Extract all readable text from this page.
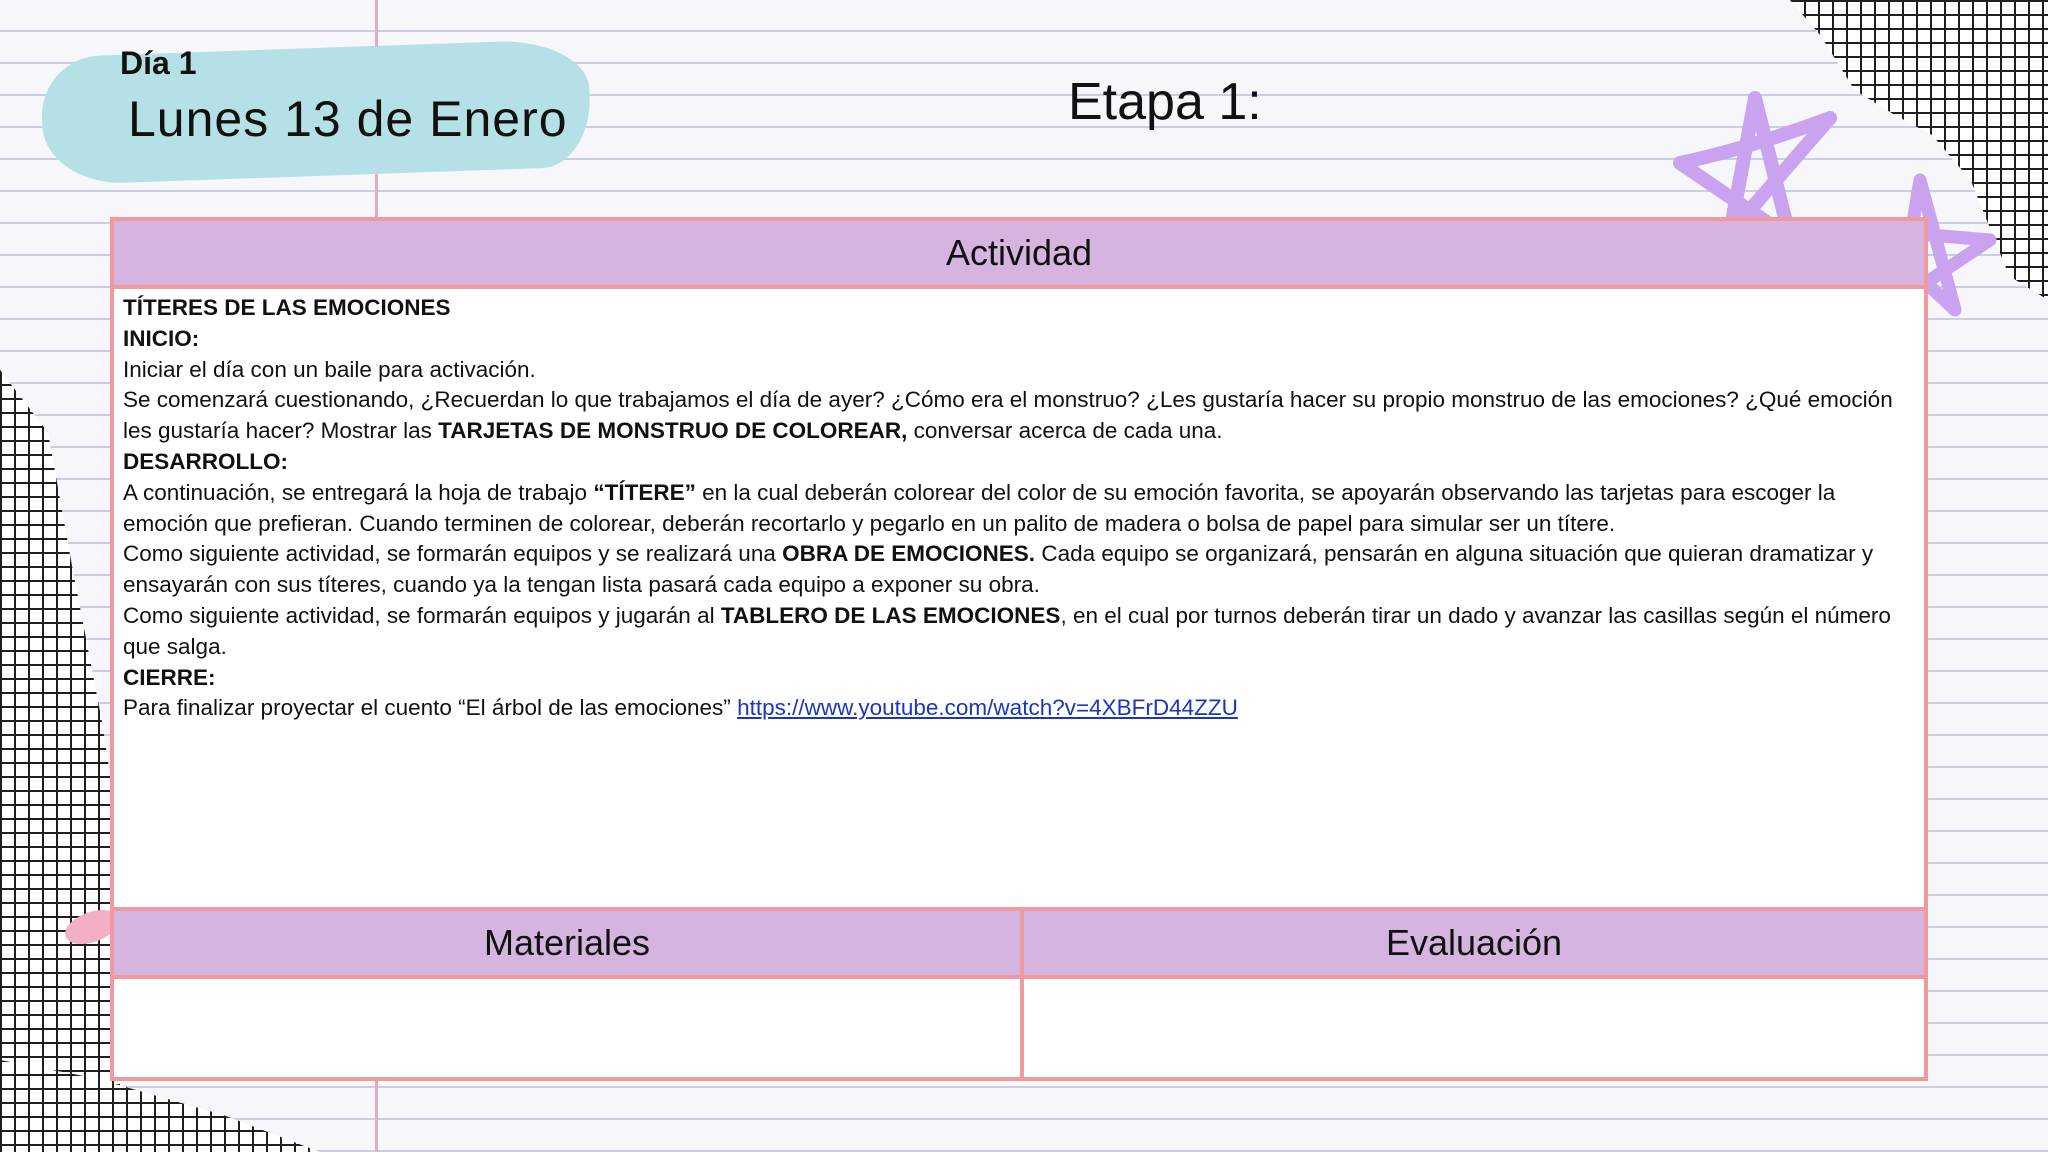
Día 1
Lunes 13 de Enero	Etapa 1:
Actividad

TÍTERES DE LAS EMOCIONES

INICIO:

Iniciar el día con un baile para activación.

Se comenzará cuestionando, ¿Recuerdan lo que trabajamos el día de ayer? ¿Cómo era el monstruo? ¿Les gustaría hacer su propio monstruo de las emociones? ¿Qué emoción les gustaría hacer? Mostrar las TARJETAS DE MONSTRUO DE COLOREAR, conversar acerca de cada una.

DESARROLLO:

A continuación, se entregará la hoja de trabajo “TÍTERE” en la cual deberán colorear del color de su emoción favorita, se apoyarán observando las tarjetas para escoger la emoción que prefieran. Cuando terminen de colorear, deberán recortarlo y pegarlo en un palito de madera o bolsa de papel para simular ser un títere.

Como siguiente actividad, se formarán equipos y se realizará una OBRA DE EMOCIONES. Cada equipo se organizará, pensarán en alguna situación que quieran dramatizar y ensayarán con sus títeres, cuando ya la tengan lista pasará cada equipo a exponer su obra.

Como siguiente actividad, se formarán equipos y jugarán al TABLERO DE LAS EMOCIONES, en el cual por turnos deberán tirar un dado y avanzar las casillas según el número que salga.

CIERRE:

Para finalizar proyectar el cuento “El árbol de las emociones” https://www.youtube.com/watch?v=4XBFrD44ZZU

Materiales	Evaluación
